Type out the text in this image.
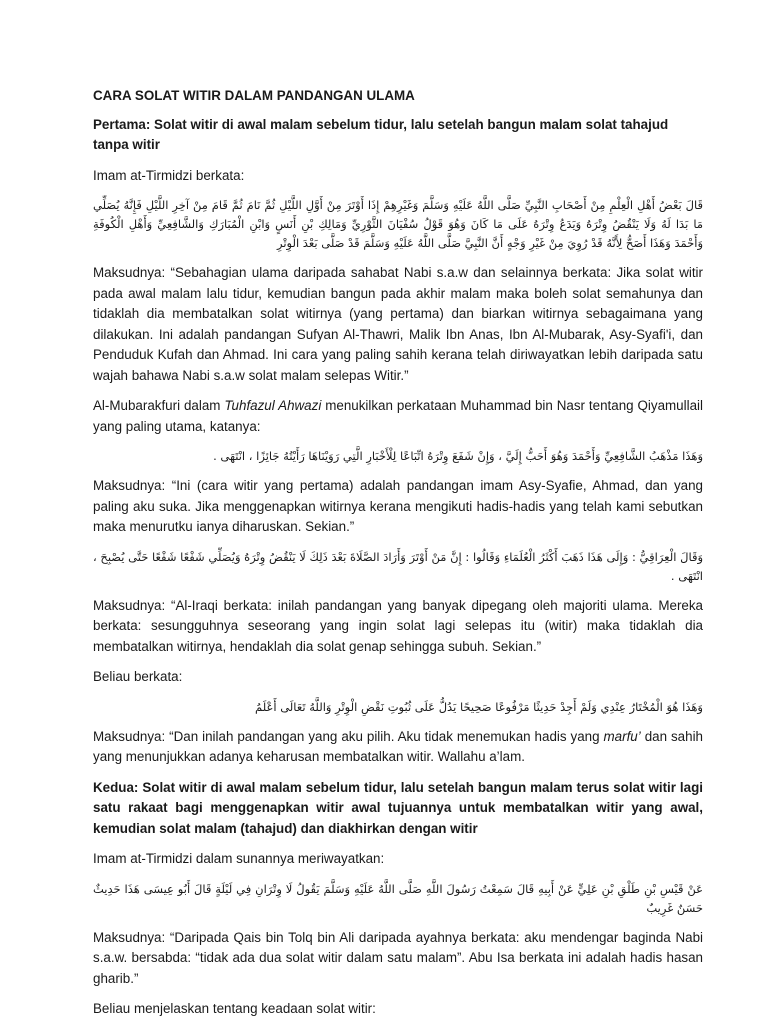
CARA SOLAT WITIR DALAM PANDANGAN ULAMA
Pertama: Solat witir di awal malam sebelum tidur, lalu setelah bangun malam solat tahajud tanpa witir

Imam at-Tirmidzi berkata:

قَالَ بَعْضُ أَهْلِ الْعِلْمِ مِنْ أَصْحَابِ النَّبِيِّ صَلَّى اللَّهُ عَلَيْهِ وَسَلَّمَ وَغَيْرِهِمْ إِذَا أَوْتَرَ مِنْ أَوَّلِ اللَّيْلِ ثُمَّ نَامَ ثُمَّ قَامَ مِنْ آخِرِ اللَّيْلِ فَإِنَّهُ يُصَلِّي مَا بَدَا لَهُ وَلَا يَنْقُضُ وِتْرَهُ وَيَدَعُ وِتْرَهُ عَلَى مَا كَانَ وَهُوَ قَوْلُ سُفْيَانَ الثَّوْرِيِّ وَمَالِكِ بْنِ أَنَسٍ وَابْنِ الْمُبَارَكِ وَالشَّافِعِيِّ وَأَهْلِ الْكُوفَةِ وَأَحْمَدَ وَهَذَا أَصَحُّ لِأَنَّهُ قَدْ رُوِيَ مِنْ غَيْرِ وَجْهٍ أَنَّ النَّبِيَّ صَلَّى اللَّهُ عَلَيْهِ وَسَلَّمَ قَدْ صَلَّى بَعْدَ الْوِتْرِ

Maksudnya: “Sebahagian ulama daripada sahabat Nabi s.a.w dan selainnya berkata: Jika solat witir pada awal malam lalu tidur, kemudian bangun pada akhir malam maka boleh solat semahunya dan tidaklah dia membatalkan solat witirnya (yang pertama) dan biarkan witirnya sebagaimana yang dilakukan. Ini adalah pandangan Sufyan Al-Thawri, Malik Ibn Anas, Ibn Al-Mubarak, Asy-Syafi'i, dan Penduduk Kufah dan Ahmad. Ini cara yang paling sahih kerana telah diriwayatkan lebih daripada satu wajah bahawa Nabi s.a.w solat malam selepas Witir.”

Al-Mubarakfuri dalam Tuhfazul Ahwazi menukilkan perkataan Muhammad bin Nasr tentang Qiyamullail yang paling utama, katanya:

وَهَذَا مَذْهَبُ الشَّافِعِيِّ وَأَحْمَدَ وَهُوَ أَحَبُّ إِلَيَّ ، وَإِنْ شَفَعَ وِتْرَهُ اتِّبَاعًا لِلْأَخْبَارِ الَّتِي رَوَيْنَاهَا رَأَيْتُهُ جَائِزًا ، انْتَهَى .

Maksudnya: “Ini (cara witir yang pertama) adalah pandangan imam Asy-Syafie, Ahmad, dan yang paling aku suka. Jika menggenapkan witirnya kerana mengikuti hadis-hadis yang telah kami sebutkan maka menurutku ianya diharuskan. Sekian.”

وَقَالَ الْعِرَاقِيُّ : وَإِلَى هَذَا ذَهَبَ أَكْثَرُ الْعُلَمَاءِ وَقَالُوا : إِنَّ مَنْ أَوْتَرَ وَأَرَادَ الصَّلَاةَ بَعْدَ ذَلِكَ لَا يَنْقُضُ وِتْرَهُ وَيُصَلِّي شَفْعًا شَفْعًا حَتَّى يُصْبِحَ ، انْتَهَى .

Maksudnya: “Al-Iraqi berkata: inilah pandangan yang banyak dipegang oleh majoriti ulama. Mereka berkata: sesungguhnya seseorang yang ingin solat lagi selepas itu (witir) maka tidaklah dia membatalkan witirnya, hendaklah dia solat genap sehingga subuh. Sekian.”

Beliau berkata:

وَهَذَا هُوَ الْمُخْتَارُ عِنْدِي وَلَمْ أَجِدْ حَدِيثًا مَرْفُوعًا صَحِيحًا يَدُلُّ عَلَى ثُبُوتِ نَقْضِ الْوِتْرِ وَاللَّهُ تَعَالَى أَعْلَمُ

Maksudnya: “Dan inilah pandangan yang aku pilih. Aku tidak menemukan hadis yang marfu’ dan sahih yang menunjukkan adanya keharusan membatalkan witir. Wallahu a’lam.

Kedua: Solat witir di awal malam sebelum tidur, lalu setelah bangun malam terus solat witir lagi satu rakaat bagi menggenapkan witir awal tujuannya untuk membatalkan witir yang awal, kemudian solat malam (tahajud) dan diakhirkan dengan witir

Imam at-Tirmidzi dalam sunannya meriwayatkan:

عَنْ قَيْسِ بْنِ طَلْقِ بْنِ عَلِيٍّ عَنْ أَبِيهِ قَالَ سَمِعْتُ رَسُولَ اللَّهِ صَلَّى اللَّهُ عَلَيْهِ وَسَلَّمَ يَقُولُ لَا وِتْرَانِ فِي لَيْلَةٍ قَالَ أَبُو عِيسَى هَذَا حَدِيثٌ حَسَنٌ غَرِيبٌ

Maksudnya: “Daripada Qais bin Tolq bin Ali daripada ayahnya berkata: aku mendengar baginda Nabi s.a.w. bersabda: “tidak ada dua solat witir dalam satu malam”. Abu Isa berkata ini adalah hadis hasan gharib.”

Beliau menjelaskan tentang keadaan solat witir:
